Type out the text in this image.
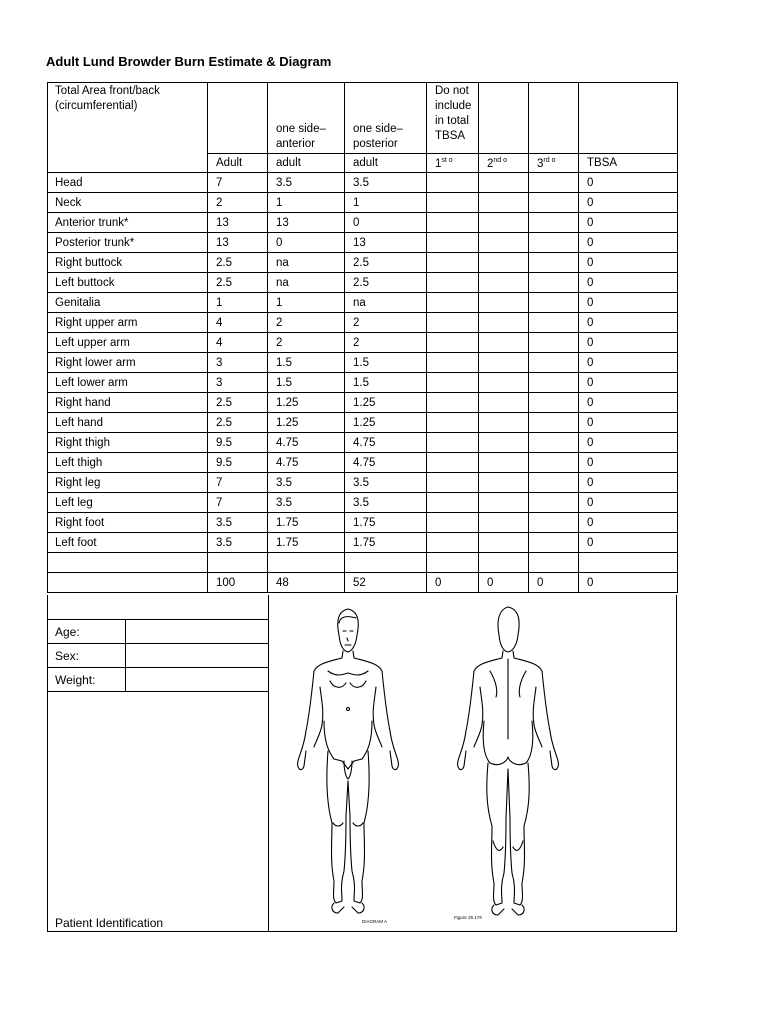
Adult Lund Browder Burn Estimate & Diagram
Total Area front/back (circumferential)		one side– anterior	one side– posterior	Do not include in total TBSA			
	Adult	adult	adult	$1^{st o}$	$2^{nd o}$	$3^{rd o}$	TBSA
Head	7	3.5	3.5				0
Neck	2	1	1				0
Anterior trunk*	13	13	0				0
Posterior trunk*	13	0	13				0
Right buttock	2.5	na	2.5				0
Left buttock	2.5	na	2.5				0
Genitalia	1	1	na				0
Right upper arm	4	2	2				0
Left upper arm	4	2	2				0
Right lower arm	3	1.5	1.5				0
Left lower arm	3	1.5	1.5				0
Right hand	2.5	1.25	1.25				0
Left hand	2.5	1.25	1.25				0
Right thigh	9.5	4.75	4.75				0
Left thigh	9.5	4.75	4.75				0
Right leg	7	3.5	3.5				0
Left leg	7	3.5	3.5				0
Right foot	3.5	1.75	1.75				0
Left foot	3.5	1.75	1.75				0

	100	48	52	0	0	0	0
Age:	
Sex:	
Weight:	
Patient Identification	DIAGRAM A
Figure 35.175
